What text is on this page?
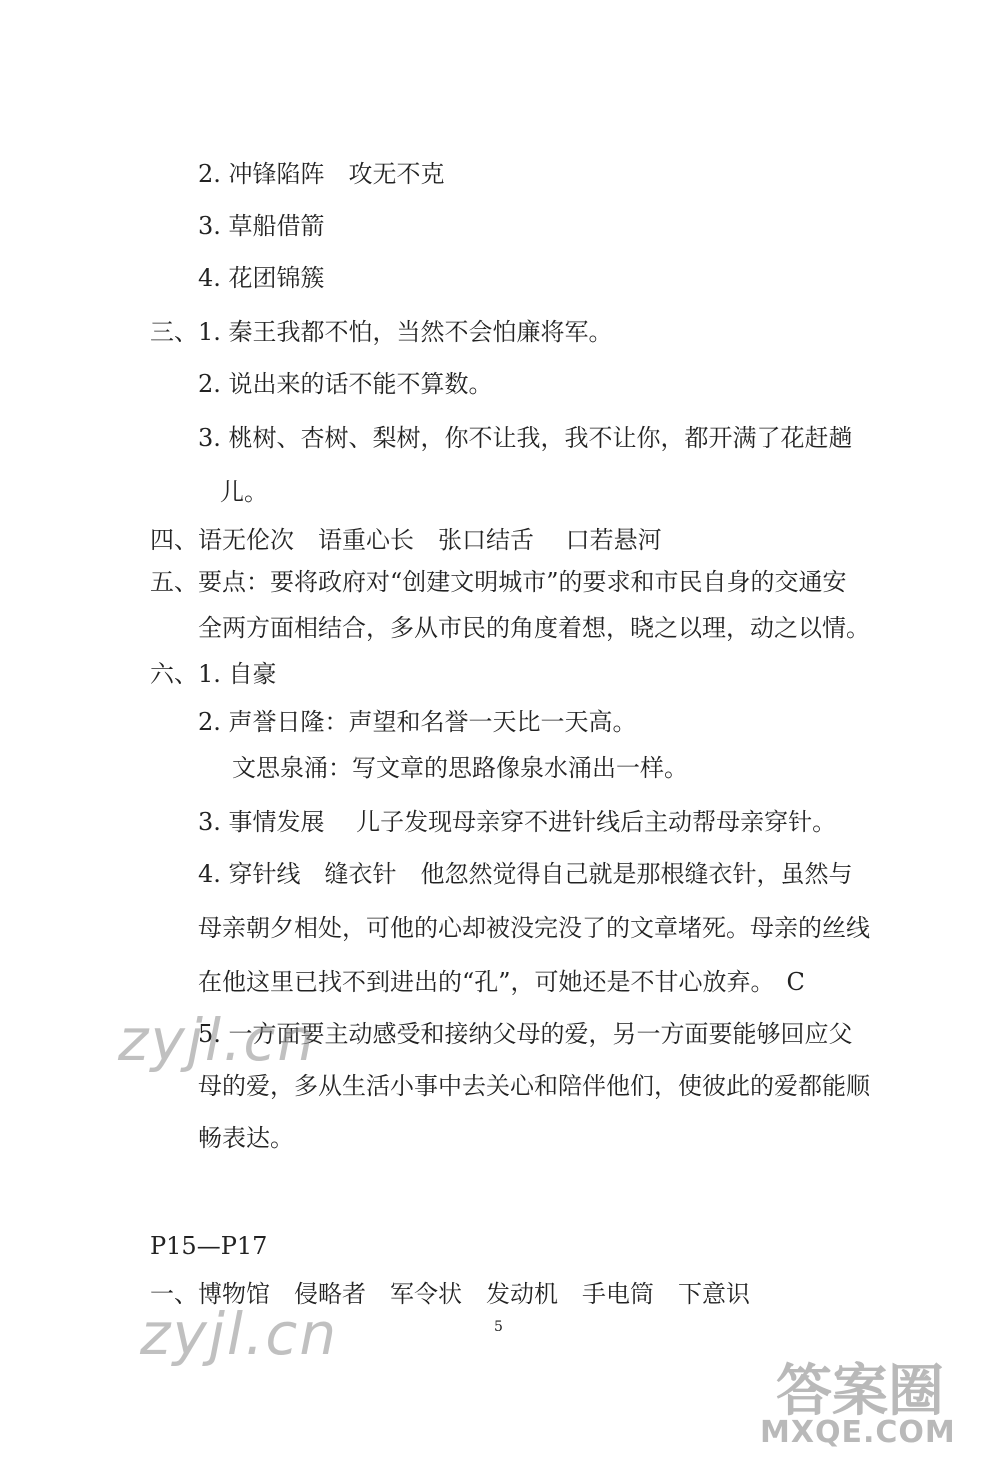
2. 冲锋陷阵　攻无不克
3. 草船借箭
4. 花团锦簇
三、1. 秦王我都不怕，当然不会怕廉将军。
2. 说出来的话不能不算数。
3. 桃树、杏树、梨树，你不让我，我不让你，都开满了花赶趟
儿。
四、语无伦次　语重心长　张口结舌　 口若悬河
五、要点：要将政府对“创建文明城市”的要求和市民自身的交通安
全两方面相结合，多从市民的角度着想，晓之以理，动之以情。
六、1. 自豪
2. 声誉日隆：声望和名誉一天比一天高。
文思泉涌：写文章的思路像泉水涌出一样。
3. 事情发展　 儿子发现母亲穿不进针线后主动帮母亲穿针。
4. 穿针线　缝衣针　他忽然觉得自己就是那根缝衣针，虽然与
母亲朝夕相处，可他的心却被没完没了的文章堵死。母亲的丝线
在他这里已找不到进出的“孔”，可她还是不甘心放弃。　C
5. 一方面要主动感受和接纳父母的爱，另一方面要能够回应父
母的爱，多从生活小事中去关心和陪伴他们，使彼此的爱都能顺
畅表达。
P15—P17
一、博物馆　侵略者　军令状　发动机　手电筒　下意识
5
zyjl.cn
zyjl.cn
答案圈
MXQE.COM
